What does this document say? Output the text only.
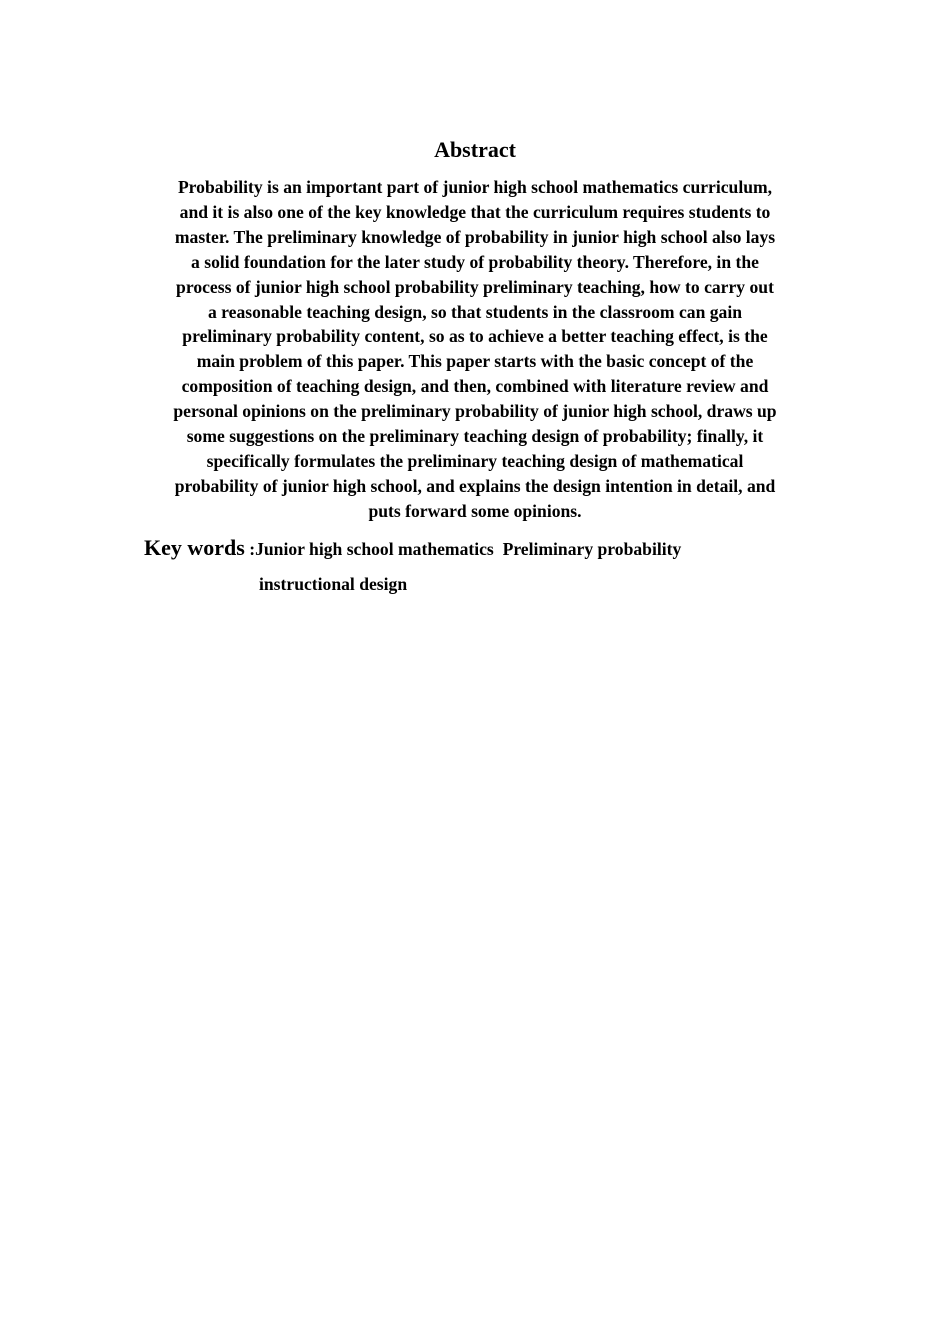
Abstract
Probability is an important part of junior high school mathematics curriculum,
and it is also one of the key knowledge that the curriculum requires students to
master. The preliminary knowledge of probability in junior high school also lays
a solid foundation for the later study of probability theory. Therefore, in the
process of junior high school probability preliminary teaching, how to carry out
a reasonable teaching design, so that students in the classroom can gain
preliminary probability content, so as to achieve a better teaching effect, is the
main problem of this paper. This paper starts with the basic concept of the
composition of teaching design, and then, combined with literature review and
personal opinions on the preliminary probability of junior high school, draws up
some suggestions on the preliminary teaching design of probability; finally, it
specifically formulates the preliminary teaching design of mathematical
probability of junior high school, and explains the design intention in detail, and
puts forward some opinions.
Key words :Junior high school mathematics  Preliminary probability
instructional design
